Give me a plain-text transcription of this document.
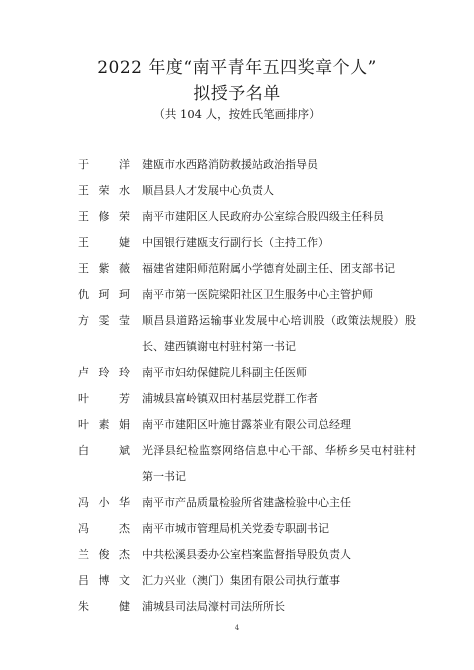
2022 年度“南平青年五四奖章个人”
拟授予名单
（共 104 人，按姓氏笔画排序）
于	洋 建瓯市水西路消防救援站政治指导员
王荣水 顺昌县人才发展中心负责人
王修荣 南平市建阳区人民政府办公室综合股四级主任科员
王	婕 中国银行建瓯支行副行长（主持工作）
王紫薇 福建省建阳师范附属小学德育处副主任、团支部书记
仇珂珂 南平市第一医院梁阳社区卫生服务中心主管护师
方雯莹 顺昌县道路运输事业发展中心培训股（政策法规股）股长、建西镇谢屯村驻村第一书记
卢玲玲 南平市妇幼保健院儿科副主任医师
叶	芳 浦城县富岭镇双田村基层党群工作者
叶素娟 南平市建阳区叶施甘露茶业有限公司总经理
白	斌 光泽县纪检监察网络信息中心干部、华桥乡吴屯村驻村第一书记
冯小华 南平市产品质量检验所省建盏检验中心主任
冯	杰 南平市城市管理局机关党委专职副书记
兰俊杰 中共松溪县委办公室档案监督指导股负责人
吕博文 汇力兴业（澳门）集团有限公司执行董事
朱	健 浦城县司法局濠村司法所所长
4
